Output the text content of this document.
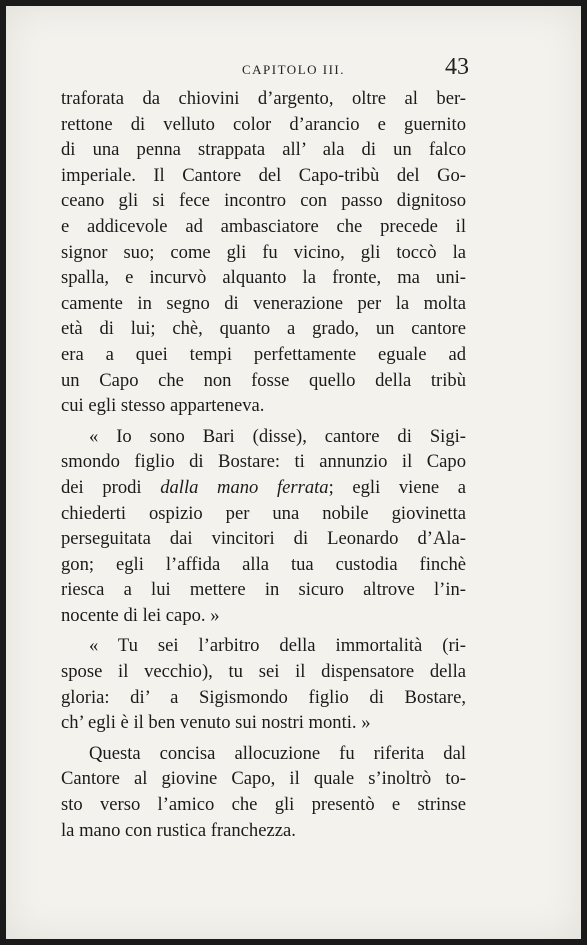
CAPITOLO III.	43

traforata da chiovini d’argento, oltre al ber-
rettone di velluto color d’arancio e guernito
di una penna strappata all’ ala di un falco
imperiale. Il Cantore del Capo-tribù del Go-
ceano gli si fece incontro con passo dignitoso
e addicevole ad ambasciatore che precede il
signor suo; come gli fu vicino, gli toccò la
spalla, e incurvò alquanto la fronte, ma uni-
camente in segno di venerazione per la molta
età di lui; chè, quanto a grado, un cantore
era a quei tempi perfettamente eguale ad
un Capo che non fosse quello della tribù
cui egli stesso apparteneva.

« Io sono Bari (disse), cantore di Sigi-
smondo figlio di Bostare: ti annunzio il Capo
dei prodi dalla mano ferrata; egli viene a
chiederti ospizio per una nobile giovinetta
perseguitata dai vincitori di Leonardo d’Ala-
gon; egli l’affida alla tua custodia finchè
riesca a lui mettere in sicuro altrove l’in-
nocente di lei capo. »

« Tu sei l’arbitro della immortalità (ri-
spose il vecchio), tu sei il dispensatore della
gloria: di’ a Sigismondo figlio di Bostare,
ch’ egli è il ben venuto sui nostri monti. »

Questa concisa allocuzione fu riferita dal
Cantore al giovine Capo, il quale s’inoltrò to-
sto verso l’amico che gli presentò e strinse
la mano con rustica franchezza.
